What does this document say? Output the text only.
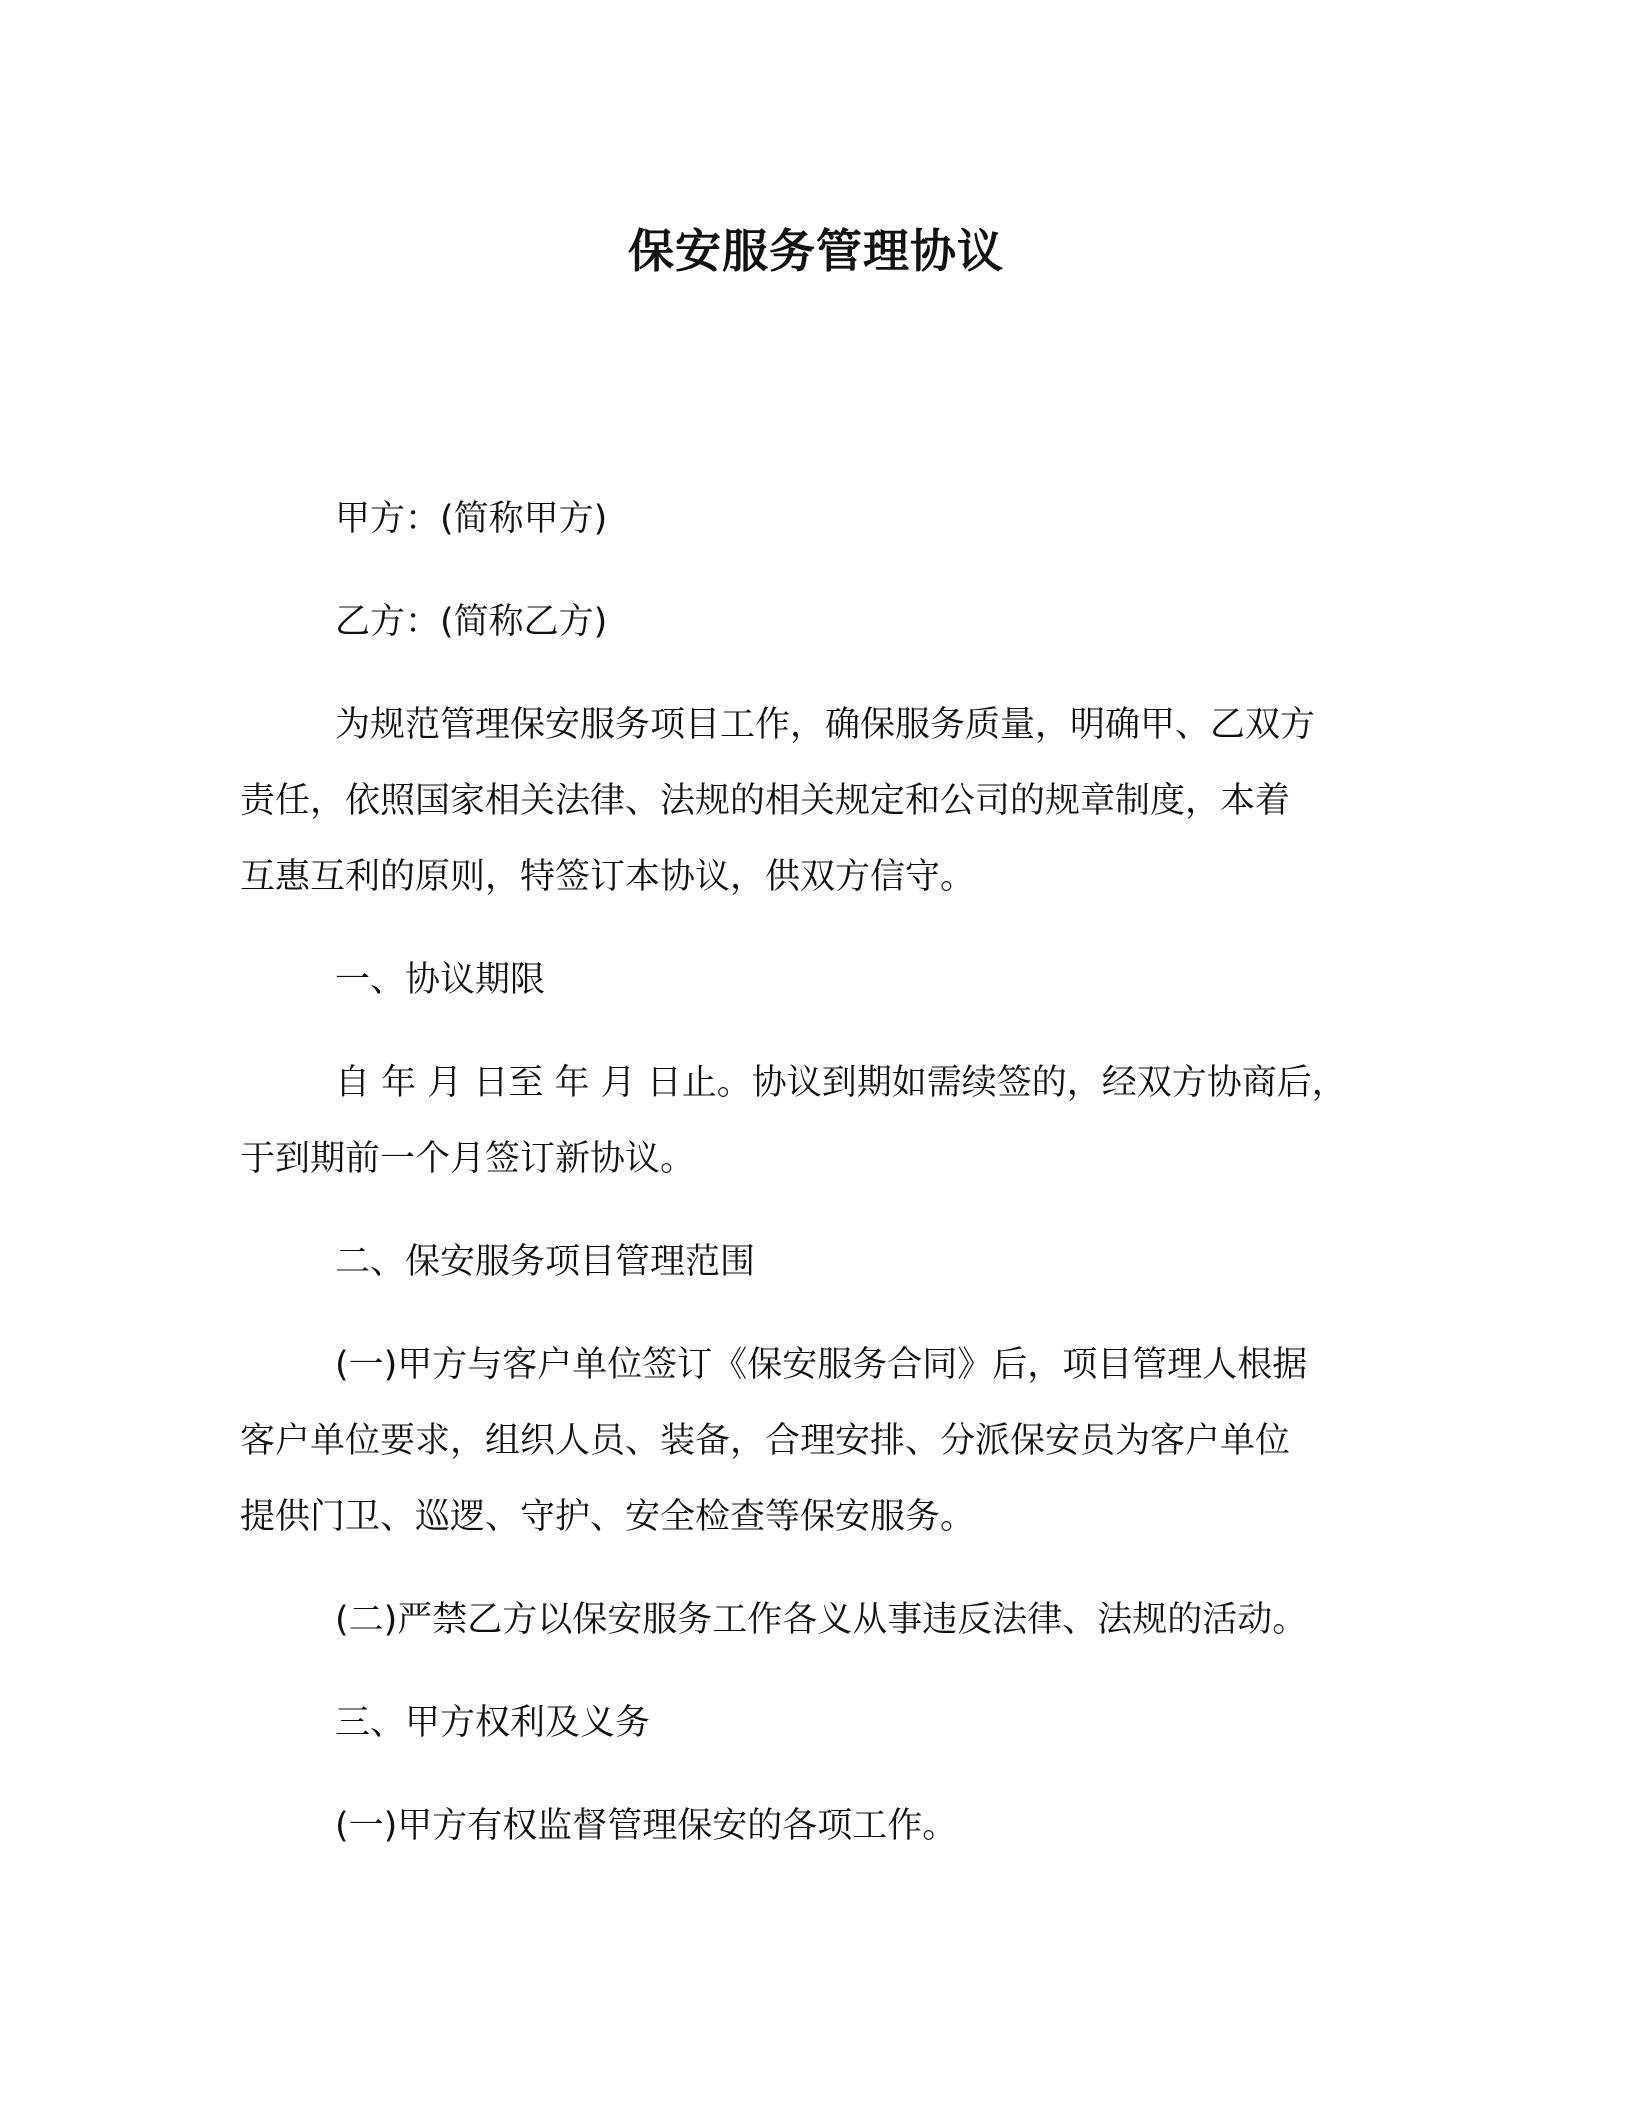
保安服务管理协议
甲方：(简称甲方)
乙方：(简称乙方)
为规范管理保安服务项目工作，确保服务质量，明确甲、乙双方
责任，依照国家相关法律、法规的相关规定和公司的规章制度，本着
互惠互利的原则，特签订本协议，供双方信守。
一、协议期限
自 年 月 日至 年 月 日止。协议到期如需续签的，经双方协商后，
于到期前一个月签订新协议。
二、保安服务项目管理范围
(一)甲方与客户单位签订《保安服务合同》后，项目管理人根据
客户单位要求，组织人员、装备，合理安排、分派保安员为客户单位
提供门卫、巡逻、守护、安全检查等保安服务。
(二)严禁乙方以保安服务工作各义从事违反法律、法规的活动。
三、甲方权利及义务
(一)甲方有权监督管理保安的各项工作。
